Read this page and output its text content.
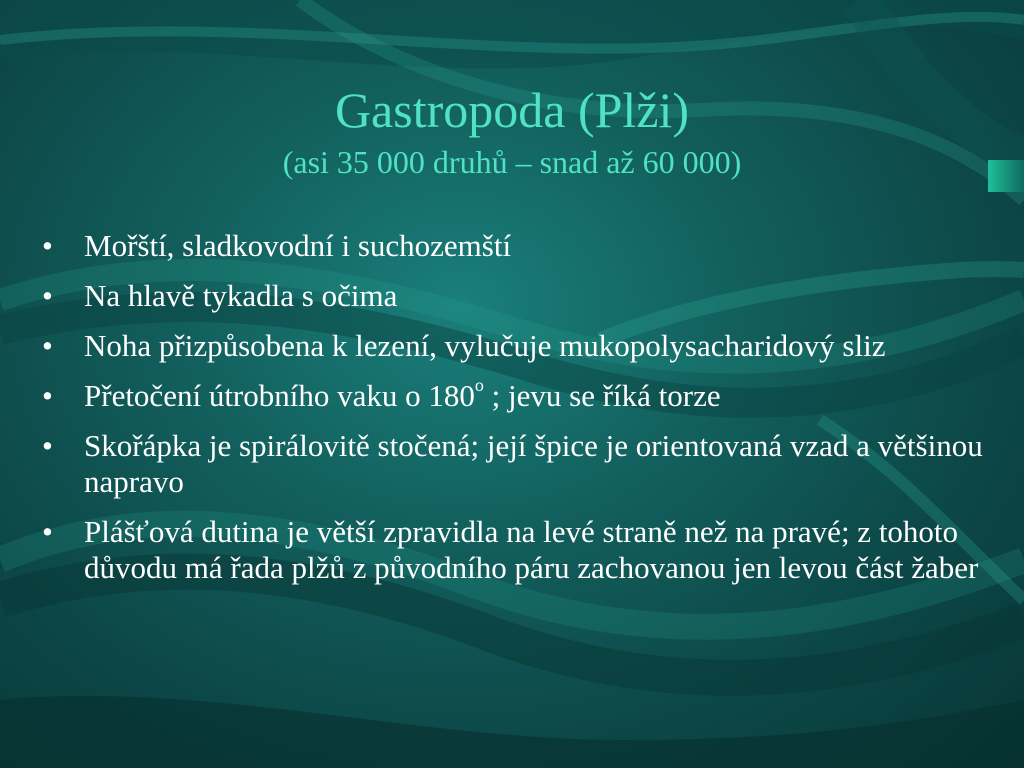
Gastropoda (Plži)
(asi 35 000 druhů – snad až 60 000)
• Mořští, sladkovodní i suchozemští
• Na hlavě tykadla s očima
• Noha přizpůsobena k lezení, vylučuje mukopolysacharidový sliz
• Přetočení útrobního vaku o 180$^o$ ; jevu se říká torze
• Skořápka je spirálovitě stočená; její špice je orientovaná vzad a většinou napravo
• Plášťová dutina je větší zpravidla na levé straně než na pravé; z tohoto důvodu má řada plžů z původního páru zachovanou jen levou část žaber
